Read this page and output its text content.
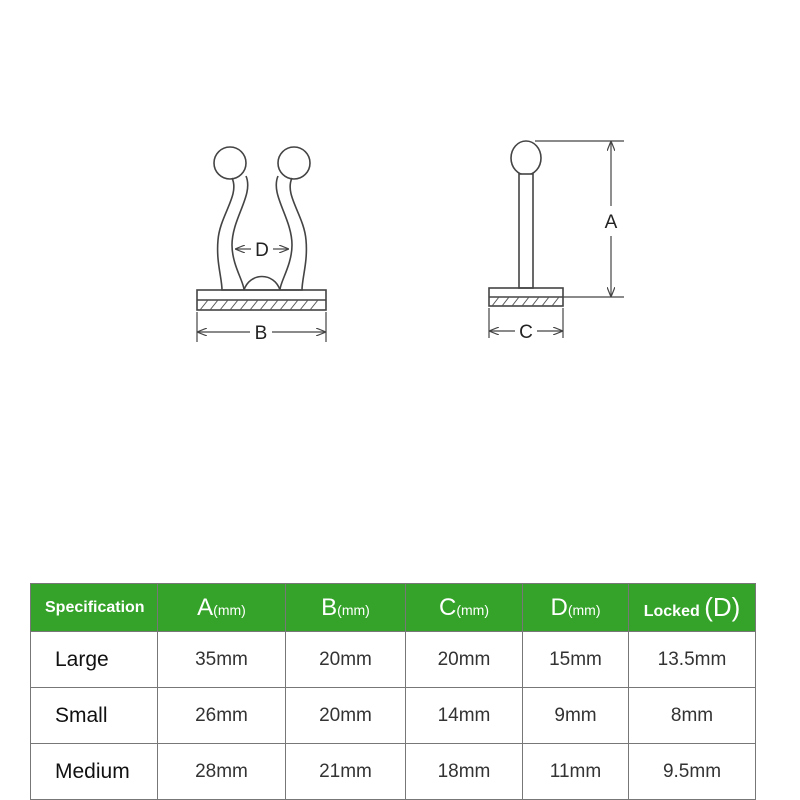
D
B
A
C
Specification	A(mm)	B(mm)	C(mm)	D(mm)	Locked (D)
Large	35mm	20mm	20mm	15mm	13.5mm
Small	26mm	20mm	14mm	9mm	8mm
Medium	28mm	21mm	18mm	11mm	9.5mm
